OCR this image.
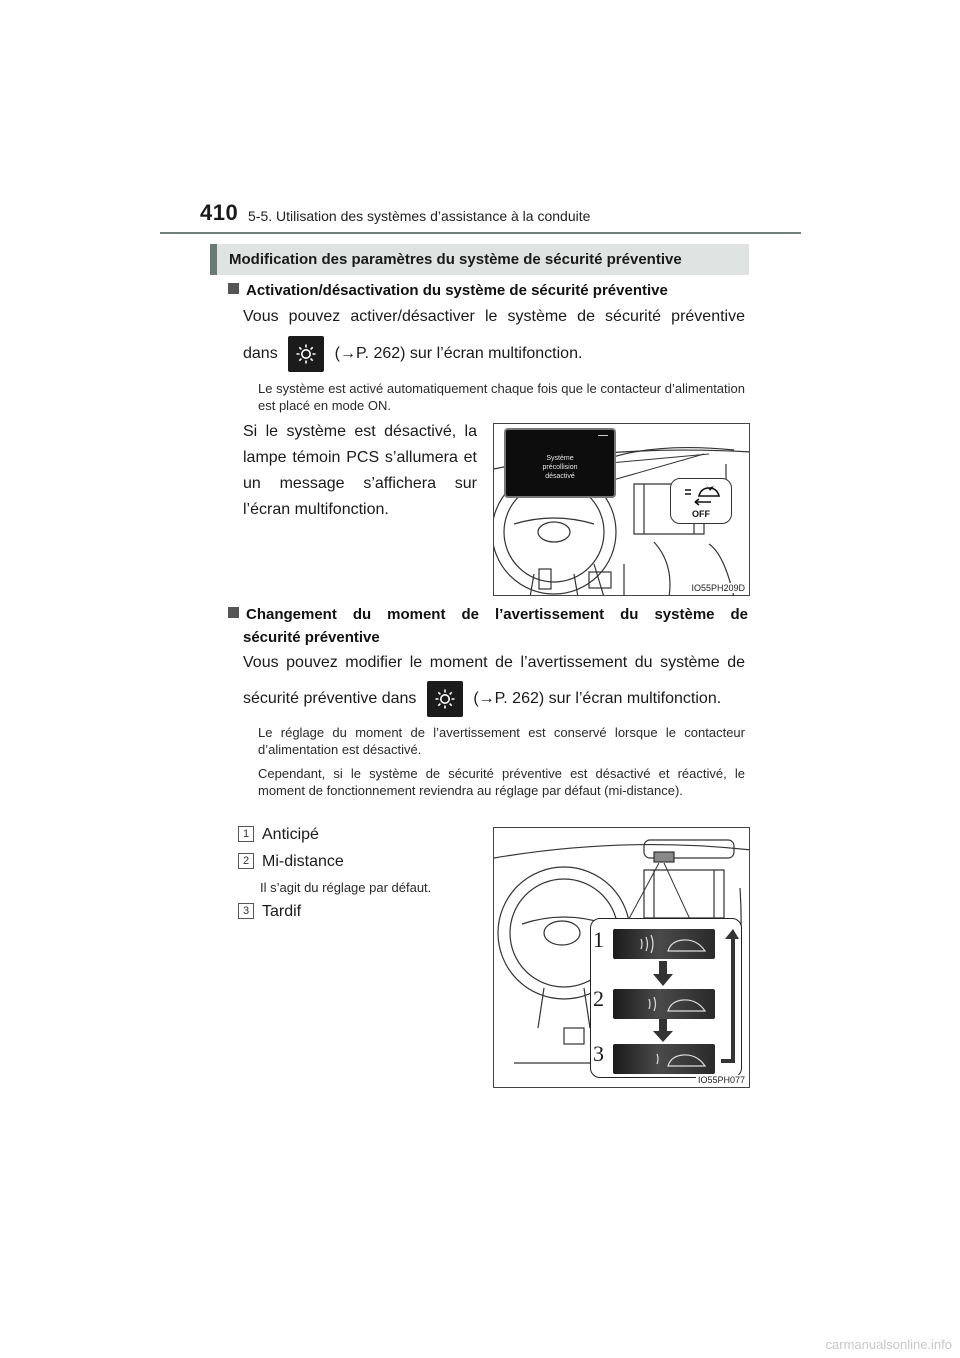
410 5-5. Utilisation des systèmes d’assistance à la conduite
Modification des paramètres du système de sécurité préventive
Activation/désactivation du système de sécurité préventive
Vous pouvez activer/désactiver le système de sécurité préventive
dans	(→P. 262) sur l’écran multifonction.
Le système est activé automatiquement chaque fois que le contacteur d’alimentation est placé en mode ON.
Si le système est désactivé, la lampe témoin PCS s’allumera et un message s’affichera sur l’écran multifonction.
Système
précollision
désactivé
OFF
IO55PH209D
Changement du moment de l’avertissement du système de
sécurité préventive
Vous pouvez modifier le moment de l’avertissement du système de
sécurité préventive dans	(→P. 262) sur l’écran multifonction.
Le réglage du moment de l’avertissement est conservé lorsque le contacteur d’alimentation est désactivé.
Cependant, si le système de sécurité préventive est désactivé et réactivé, le moment de fonctionnement reviendra au réglage par défaut (mi-distance).
1 Anticipé
2 Mi-distance
Il s’agit du réglage par défaut.
3 Tardif
1
2
3
IO55PH077
carmanualsonline.info
